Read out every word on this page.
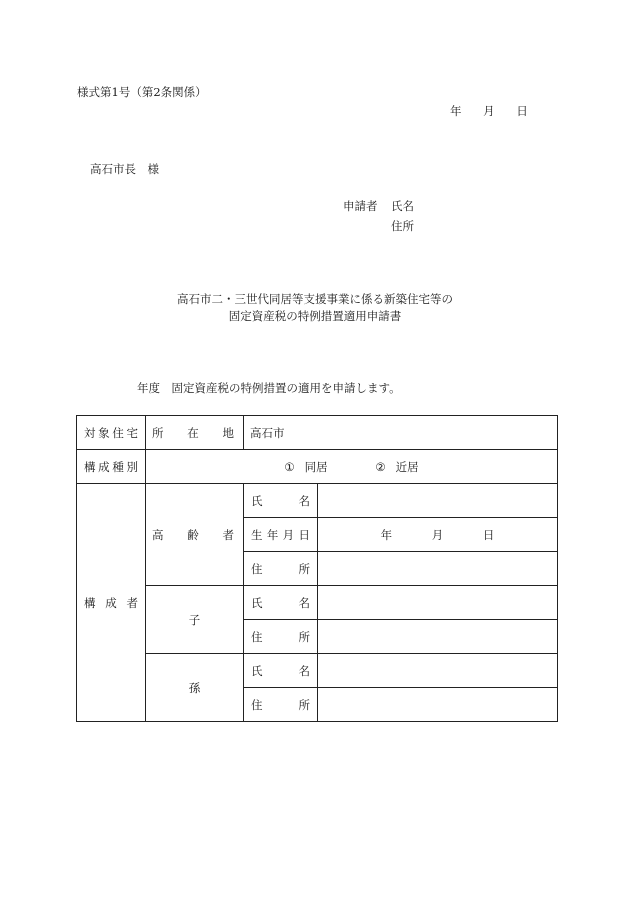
様式第1号（第2条関係）
年 月 日
高石市長　様
申請者 氏名
住所
高石市二・三世代同居等支援事業に係る新築住宅等の
固定資産税の特例措置適用申請書
年度　固定資産税の特例措置の適用を申請します。
対 象 住 宅	所 在 地	高石市	

構 成 種 別	① 同居 ② 近居		

構 成 者	高 齢 者	氏 名	

		生 年 月 日	年 月 日

		住 所	

	子	氏 名	

		住 所	

	孫	氏 名	

		住 所	
